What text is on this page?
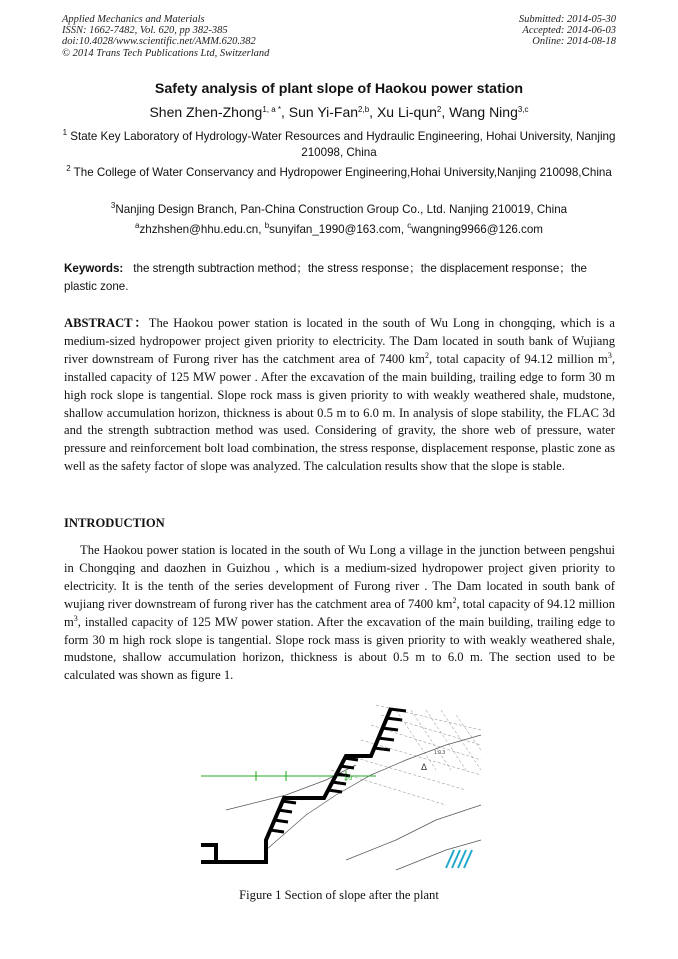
Applied Mechanics and Materials
ISSN: 1662-7482, Vol. 620, pp 382-385
doi:10.4028/www.scientific.net/AMM.620.382
© 2014 Trans Tech Publications Ltd, Switzerland
Submitted: 2014-05-30
Accepted: 2014-06-03
Online: 2014-08-18
Safety analysis of plant slope of Haokou power station
Shen Zhen-Zhong$^{1, a *}$, Sun Yi-Fan$^{2,b}$, Xu Li-qun$^2$, Wang Ning$^{3,c}$
$^1$ State Key Laboratory of Hydrology-Water Resources and Hydraulic Engineering, Hohai University, Nanjing 210098, China
$^2$ The College of Water Conservancy and Hydropower Engineering,Hohai University,Nanjing 210098,China
$^3$Nanjing Design Branch, Pan-China Construction Group Co., Ltd. Nanjing 210019, China
$^a$zhzhshen@hhu.edu.cn, $^b$sunyifan_1990@163.com, $^c$wangning9966@126.com
Keywords: the strength subtraction method；the stress response；the displacement response；the plastic zone.
ABSTRACT：The Haokou power station is located in the south of Wu Long in chongqing, which is a medium-sized hydropower project given priority to electricity. The Dam located in south bank of Wujiang river downstream of Furong river has the catchment area of 7400 $km^2$, total capacity of 94.12 million $m^3$, installed capacity of 125 MW power . After the excavation of the main building, trailing edge to form 30 m high rock slope is tangential. Slope rock mass is given priority to with weakly weathered shale, mudstone, shallow accumulation horizon, thickness is about 0.5 m to 6.0 m. In analysis of slope stability, the FLAC 3d and the strength subtraction method was used. Considering of gravity, the shore web of pressure, water pressure and reinforcement bolt load combination, the stress response, displacement response, plastic zone as well as the safety factor of slope was analyzed. The calculation results show that the slope is stable.
INTRODUCTION
The Haokou power station is located in the south of Wu Long a village in the junction between pengshui in Chongqing and daozhen in Guizhou , which is a medium-sized hydropower project given priority to electricity. It is the tenth of the series development of Furong river . The Dam located in south bank of wujiang river downstream of furong river has the catchment area of 7400 $km^2$, total capacity of 94.12 million $m^3$, installed capacity of 125 MW power station. After the excavation of the main building, trailing edge to form 30 m high rock slope is tangential. Slope rock mass is given priority to with weakly weathered shale, mudstone, shallow accumulation horizon, thickness is about 0.5 m to 6.0 m. The section used to be calculated was shown as figure 1.
1/3
Δ
1:0.3
Figure 1 Section of slope after the plant
